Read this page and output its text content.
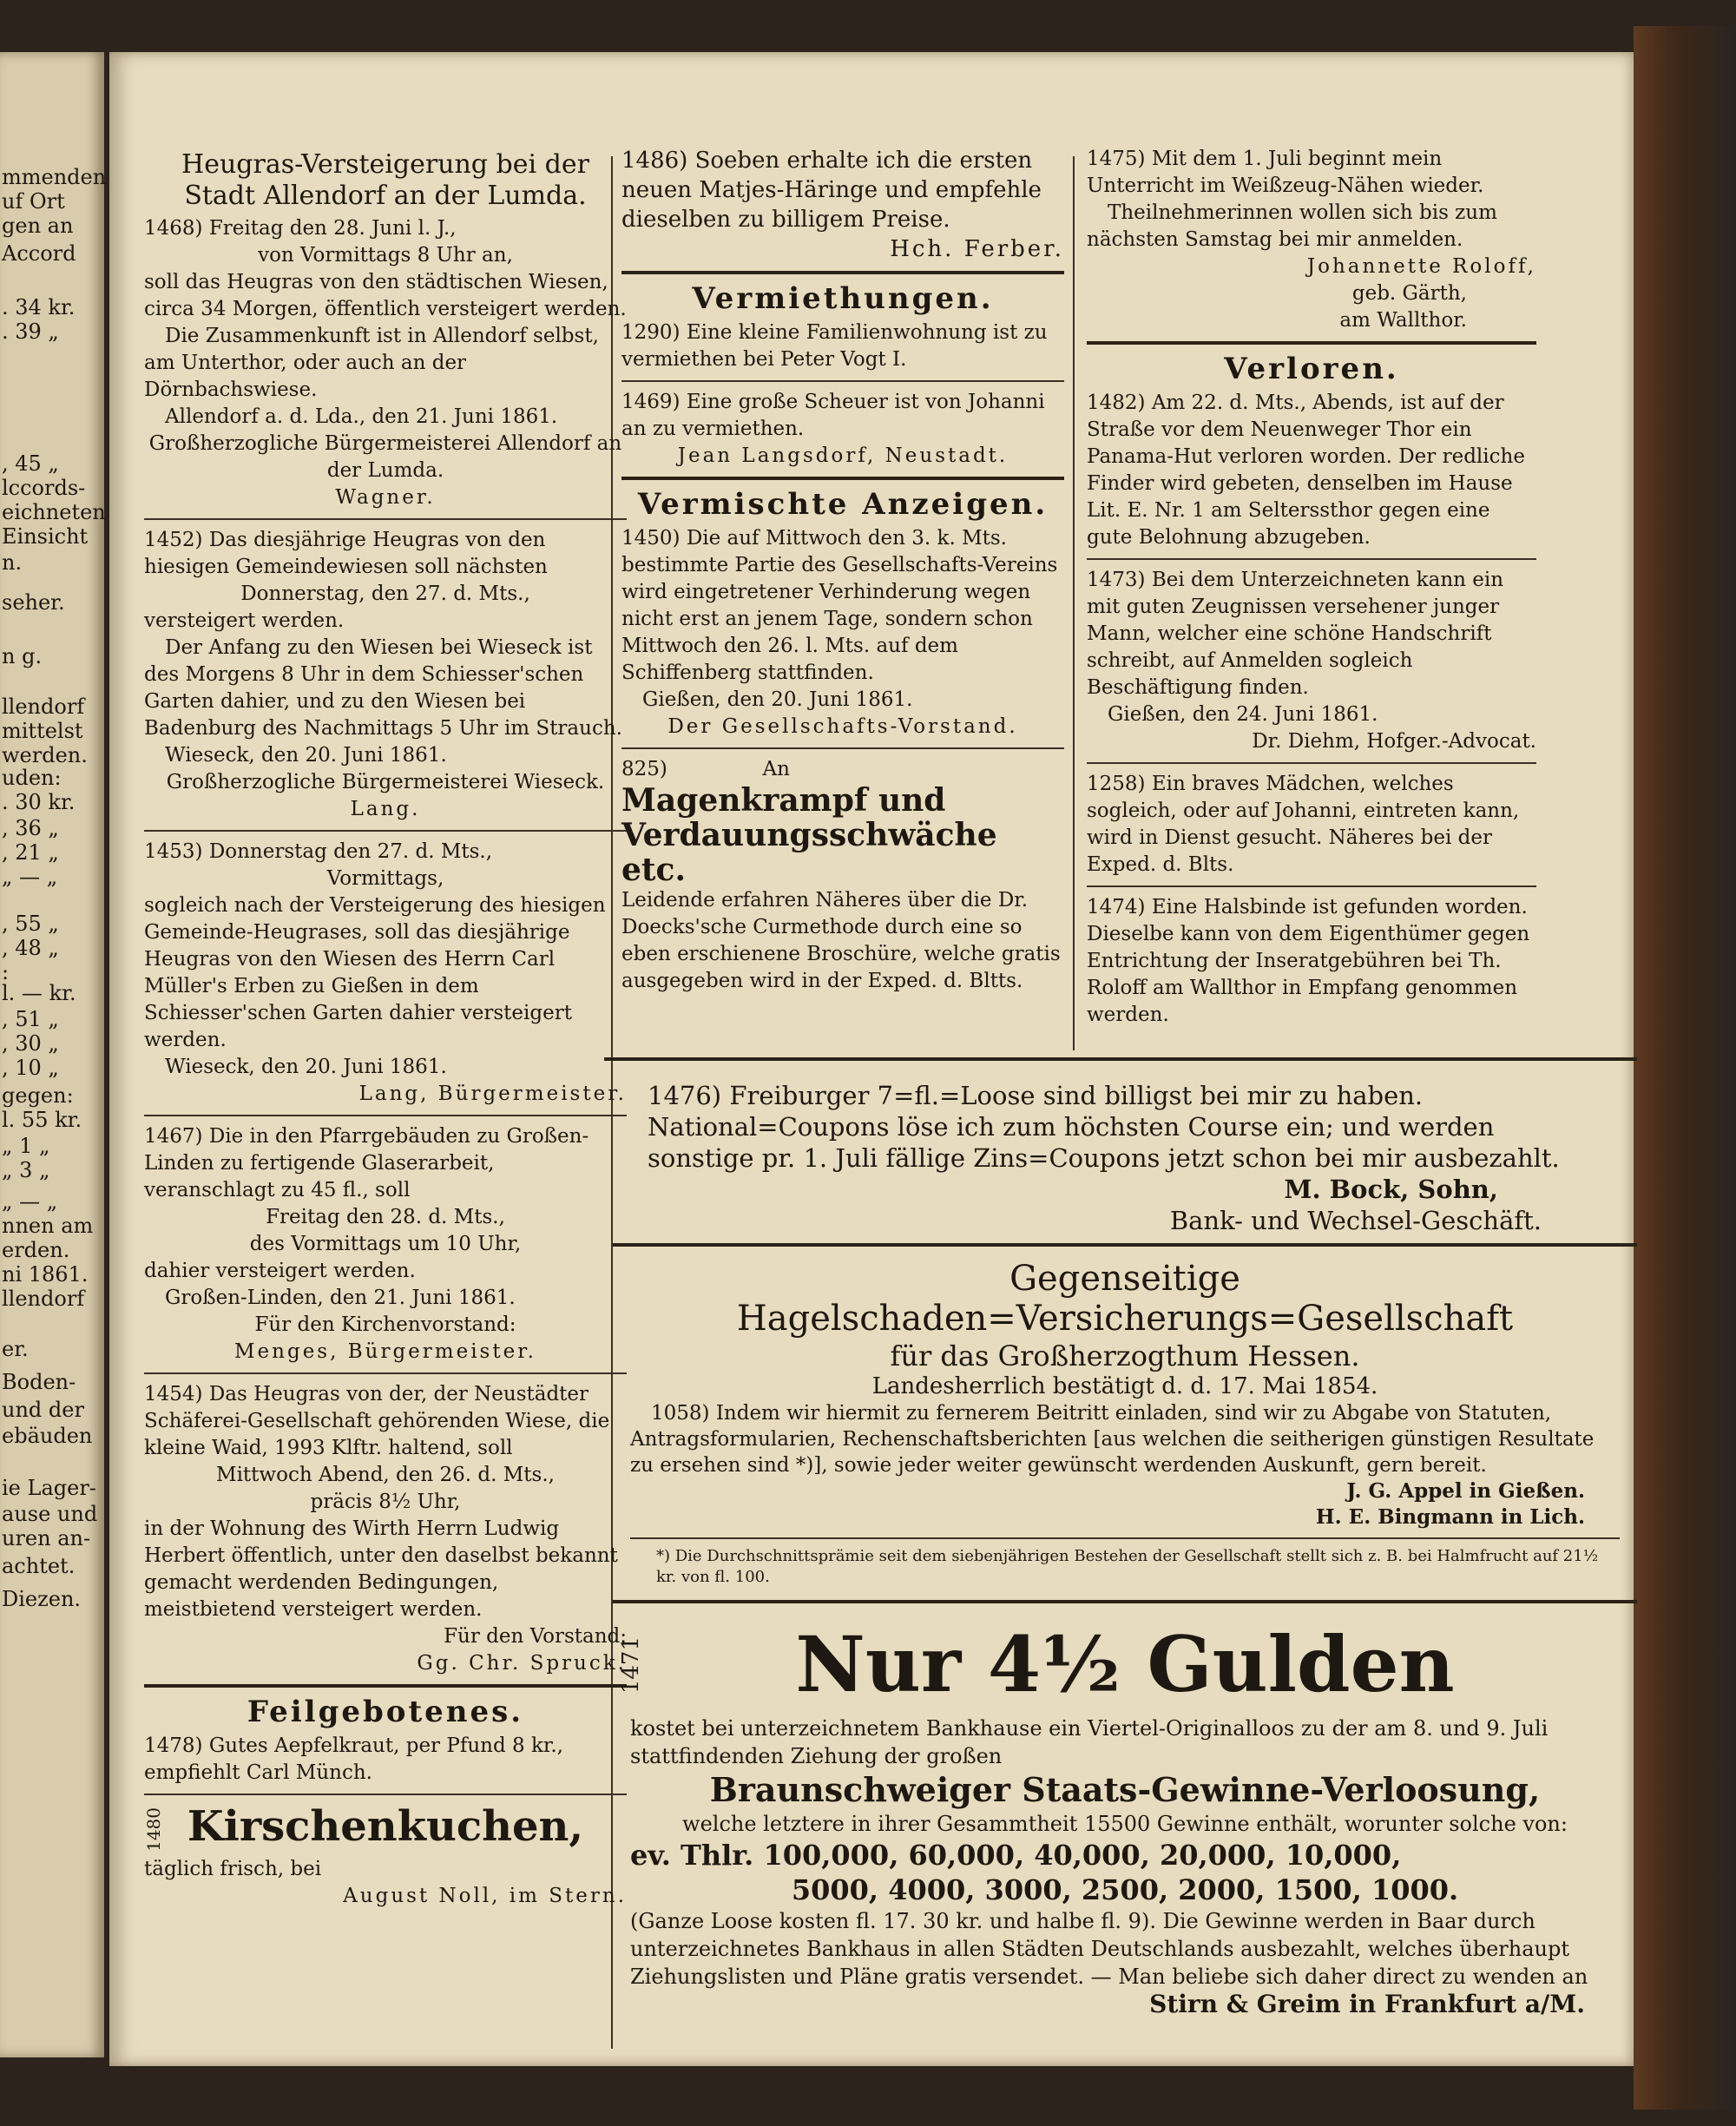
mmenden
uf Ort
gen an
Accord
. 34 kr.
. 39 „
, 45 „
lccords-
eichneten
Einsicht
n.
seher.
n g.
llendorf
mittelst
werden.
uden:
. 30 kr.
, 36 „
, 21 „
„ — „
, 55 „
, 48 „
:
l. — kr.
, 51 „
, 30 „
, 10 „
gegen:
l. 55 kr.
„ 1 „
„ 3 „
„ — „
nnen am
erden.
ni 1861.
llendorf
er.
Boden-
und der
ebäuden
ie Lager-
ause und
uren an-
achtet.
Diezen.
Heugras-Versteigerung bei der Stadt Allendorf an der Lumda.

1468) Freitag den 28. Juni l. J.,

von Vormittags 8 Uhr an,

soll das Heugras von den städtischen Wiesen, circa 34 Morgen, öffentlich versteigert werden.

Die Zusammenkunft ist in Allendorf selbst, am Unterthor, oder auch an der Dörnbachswiese.

Allendorf a. d. Lda., den 21. Juni 1861.

Großherzogliche Bürgermeisterei Allendorf an der Lumda.

Wagner.

1452) Das diesjährige Heugras von den hiesigen Gemeindewiesen soll nächsten

Donnerstag, den 27. d. Mts.,

versteigert werden.

Der Anfang zu den Wiesen bei Wieseck ist des Morgens 8 Uhr in dem Schiesser'schen Garten dahier, und zu den Wiesen bei Badenburg des Nachmittags 5 Uhr im Strauch.

Wieseck, den 20. Juni 1861.

Großherzogliche Bürgermeisterei Wieseck.

Lang.

1453) Donnerstag den 27. d. Mts.,

Vormittags,

sogleich nach der Versteigerung des hiesigen Gemeinde-Heugrases, soll das diesjährige Heugras von den Wiesen des Herrn Carl Müller's Erben zu Gießen in dem Schiesser'schen Garten dahier versteigert werden.

Wieseck, den 20. Juni 1861.

Lang, Bürgermeister.

1467) Die in den Pfarrgebäuden zu Großen-Linden zu fertigende Glaserarbeit, veranschlagt zu 45 fl., soll

Freitag den 28. d. Mts.,

des Vormittags um 10 Uhr,

dahier versteigert werden.

Großen-Linden, den 21. Juni 1861.

Für den Kirchenvorstand:

Menges, Bürgermeister.

1454) Das Heugras von der, der Neustädter Schäferei-Gesellschaft gehörenden Wiese, die kleine Waid, 1993 Klftr. haltend, soll

Mittwoch Abend, den 26. d. Mts.,

präcis 8½ Uhr,

in der Wohnung des Wirth Herrn Ludwig Herbert öffentlich, unter den daselbst bekannt gemacht werdenden Bedingungen, meistbietend versteigert werden.

Für den Vorstand:

Gg. Chr. Spruck.

Feilgebotenes.

1478) Gutes Aepfelkraut, per Pfund 8 kr., empfiehlt Carl Münch.

1480 Kirschenkuchen,

täglich frisch, bei

August Noll, im Stern.

1486) Soeben erhalte ich die ersten neuen Matjes-Häringe und empfehle dieselben zu billigem Preise.

Hch. Ferber.

Vermiethungen.

1290) Eine kleine Familienwohnung ist zu vermiethen bei Peter Vogt I.

1469) Eine große Scheuer ist von Johanni an zu vermiethen.

Jean Langsdorf, Neustadt.

Vermischte Anzeigen.

1450) Die auf Mittwoch den 3. k. Mts. bestimmte Partie des Gesellschafts-Vereins wird eingetretener Verhinderung wegen nicht erst an jenem Tage, sondern schon Mittwoch den 26. l. Mts. auf dem Schiffenberg stattfinden.

Gießen, den 20. Juni 1861.

Der Gesellschafts-Vorstand.

825)	An

Magenkrampf und Verdauungsschwäche etc.

Leidende erfahren Näheres über die Dr. Doecks'sche Curmethode durch eine so eben erschienene Broschüre, welche gratis ausgegeben wird in der Exped. d. Bltts.

1475) Mit dem 1. Juli beginnt mein Unterricht im Weißzeug-Nähen wieder.

Theilnehmerinnen wollen sich bis zum nächsten Samstag bei mir anmelden.

Johannette Roloff,

geb. Gärth,

am Wallthor.

Verloren.

1482) Am 22. d. Mts., Abends, ist auf der Straße vor dem Neuenweger Thor ein Panama-Hut verloren worden. Der redliche Finder wird gebeten, denselben im Hause Lit. E. Nr. 1 am Selterssthor gegen eine gute Belohnung abzugeben.

1473) Bei dem Unterzeichneten kann ein mit guten Zeugnissen versehener junger Mann, welcher eine schöne Handschrift schreibt, auf Anmelden sogleich Beschäftigung finden.

Gießen, den 24. Juni 1861.

Dr. Diehm, Hofger.-Advocat.

1258) Ein braves Mädchen, welches sogleich, oder auf Johanni, eintreten kann, wird in Dienst gesucht. Näheres bei der Exped. d. Blts.

1474) Eine Halsbinde ist gefunden worden. Dieselbe kann von dem Eigenthümer gegen Entrichtung der Inseratgebühren bei Th. Roloff am Wallthor in Empfang genommen werden.

1476) Freiburger 7=fl.=Loose sind billigst bei mir zu haben. National=Coupons löse ich zum höchsten Course ein; und werden sonstige pr. 1. Juli fällige Zins=Coupons jetzt schon bei mir ausbezahlt.

M. Bock, Sohn,

Bank- und Wechsel-Geschäft.

Gegenseitige Hagelschaden=Versicherungs=Gesellschaft
für das Großherzogthum Hessen.
Landesherrlich bestätigt d. d. 17. Mai 1854.

1058) Indem wir hiermit zu fernerem Beitritt einladen, sind wir zu Abgabe von Statuten, Antragsformularien, Rechenschaftsberichten [aus welchen die seitherigen günstigen Resultate zu ersehen sind *)], sowie jeder weiter gewünscht werdenden Auskunft, gern bereit.

J. G. Appel in Gießen.

H. E. Bingmann in Lich.

*) Die Durchschnittsprämie seit dem siebenjährigen Bestehen der Gesellschaft stellt sich z. B. bei Halmfrucht auf 21½ kr. von fl. 100.
1471	Nur 4½ Gulden

kostet bei unterzeichnetem Bankhause ein Viertel-Originalloos zu der am 8. und 9. Juli stattfindenden Ziehung der großen

Braunschweiger Staats-Gewinne-Verloosung,

welche letztere in ihrer Gesammtheit 15500 Gewinne enthält, worunter solche von:

ev. Thlr. 100,000, 60,000, 40,000, 20,000, 10,000,
5000, 4000, 3000, 2500, 2000, 1500, 1000.

(Ganze Loose kosten fl. 17. 30 kr. und halbe fl. 9). Die Gewinne werden in Baar durch unterzeichnetes Bankhaus in allen Städten Deutschlands ausbezahlt, welches überhaupt Ziehungslisten und Pläne gratis versendet. — Man beliebe sich daher direct zu wenden an

Stirn & Greim in Frankfurt a/M.
